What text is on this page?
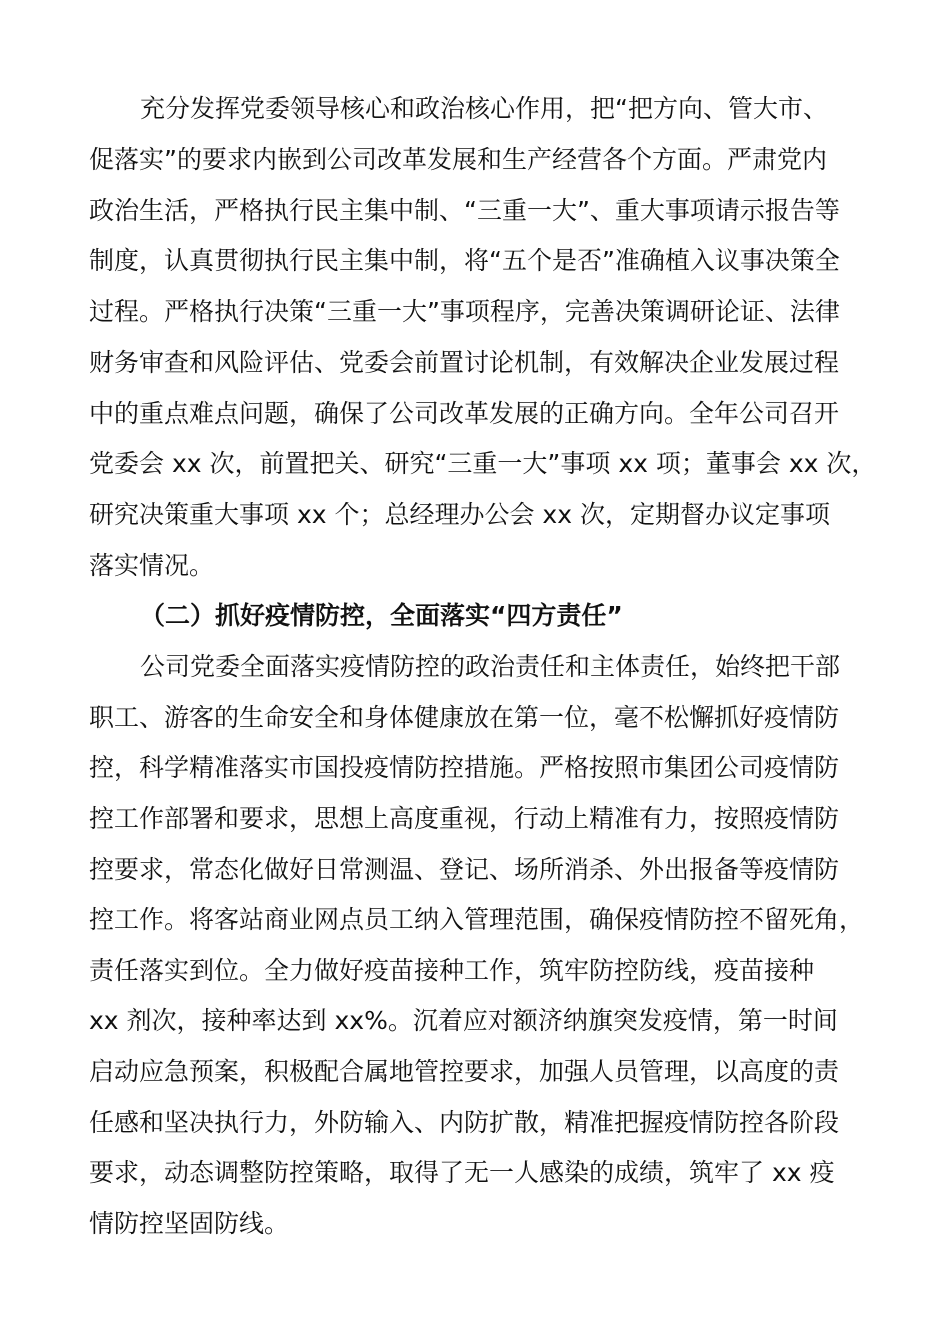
充分发挥党委领导核心和政治核心作用，把“把方向、管大市、
促落实”的要求内嵌到公司改革发展和生产经营各个方面。严肃党内
政治生活，严格执行民主集中制、“三重一大”、重大事项请示报告等
制度，认真贯彻执行民主集中制，将“五个是否”准确植入议事决策全
过程。严格执行决策“三重一大”事项程序，完善决策调研论证、法律
财务审查和风险评估、党委会前置讨论机制，有效解决企业发展过程
中的重点难点问题，确保了公司改革发展的正确方向。全年公司召开
党委会 xx 次，前置把关、研究“三重一大”事项 xx 项；董事会 xx 次，
研究决策重大事项 xx 个；总经理办公会 xx 次，定期督办议定事项
落实情况。
（二）抓好疫情防控，全面落实“四方责任”
公司党委全面落实疫情防控的政治责任和主体责任，始终把干部
职工、游客的生命安全和身体健康放在第一位，毫不松懈抓好疫情防
控，科学精准落实市国投疫情防控措施。严格按照市集团公司疫情防
控工作部署和要求，思想上高度重视，行动上精准有力，按照疫情防
控要求，常态化做好日常测温、登记、场所消杀、外出报备等疫情防
控工作。将客站商业网点员工纳入管理范围，确保疫情防控不留死角，
责任落实到位。全力做好疫苗接种工作，筑牢防控防线，疫苗接种
xx 剂次，接种率达到 xx%。沉着应对额济纳旗突发疫情，第一时间
启动应急预案，积极配合属地管控要求，加强人员管理，以高度的责
任感和坚决执行力，外防输入、内防扩散，精准把握疫情防控各阶段
要求，动态调整防控策略，取得了无一人感染的成绩，筑牢了 xx 疫
情防控坚固防线。
